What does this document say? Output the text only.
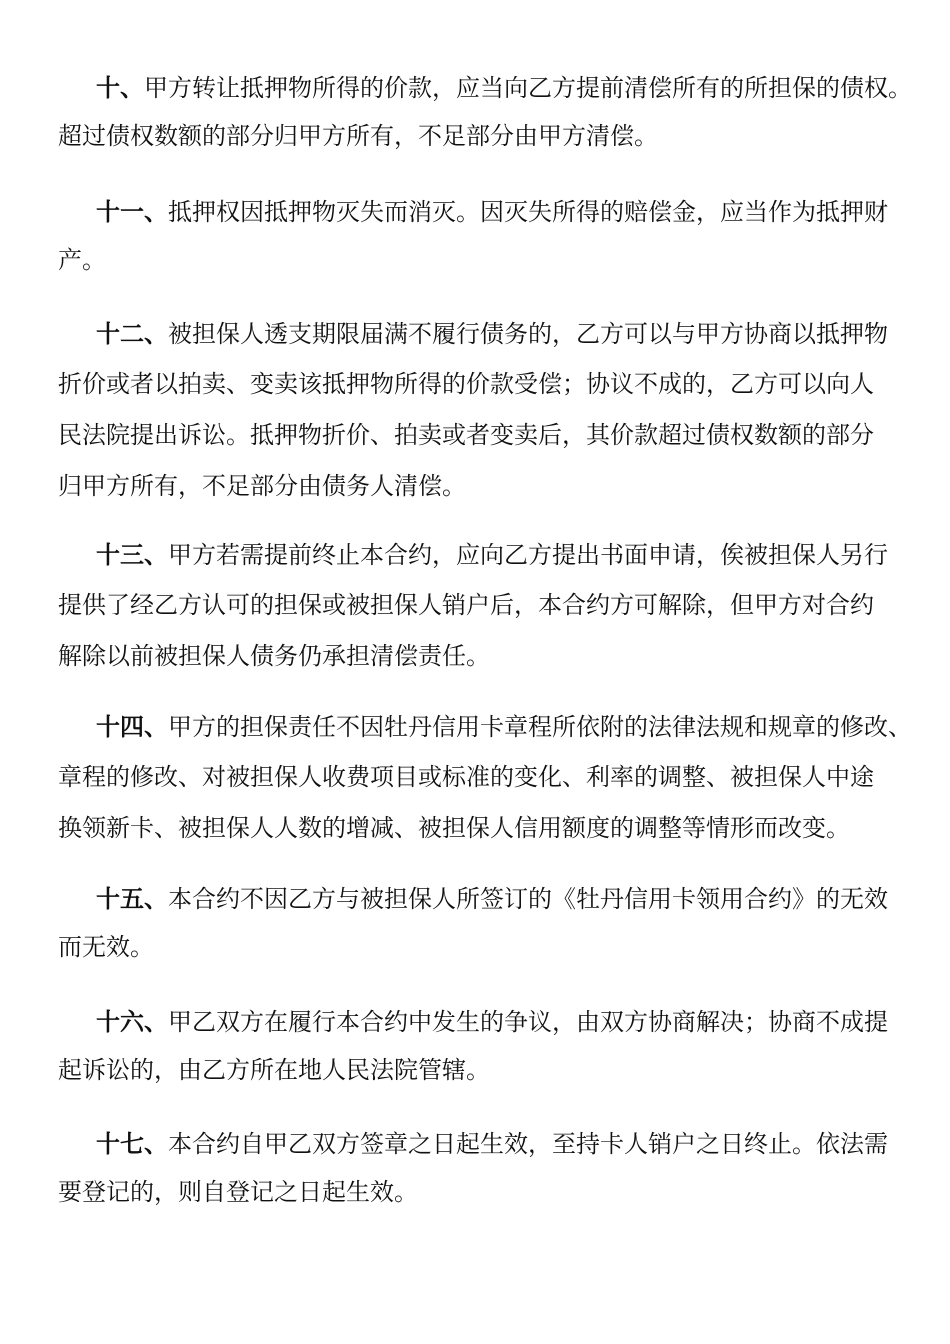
十、甲方转让抵押物所得的价款，应当向乙方提前清偿所有的所担保的债权。
超过债权数额的部分归甲方所有，不足部分由甲方清偿。
十一、抵押权因抵押物灭失而消灭。因灭失所得的赔偿金，应当作为抵押财
产。
十二、被担保人透支期限届满不履行债务的，乙方可以与甲方协商以抵押物
折价或者以拍卖、变卖该抵押物所得的价款受偿；协议不成的，乙方可以向人
民法院提出诉讼。抵押物折价、拍卖或者变卖后，其价款超过债权数额的部分
归甲方所有，不足部分由债务人清偿。
十三、甲方若需提前终止本合约，应向乙方提出书面申请，俟被担保人另行
提供了经乙方认可的担保或被担保人销户后，本合约方可解除，但甲方对合约
解除以前被担保人债务仍承担清偿责任。
十四、甲方的担保责任不因牡丹信用卡章程所依附的法律法规和规章的修改、
章程的修改、对被担保人收费项目或标准的变化、利率的调整、被担保人中途
换领新卡、被担保人人数的增减、被担保人信用额度的调整等情形而改变。
十五、本合约不因乙方与被担保人所签订的《牡丹信用卡领用合约》的无效
而无效。
十六、甲乙双方在履行本合约中发生的争议，由双方协商解决；协商不成提
起诉讼的，由乙方所在地人民法院管辖。
十七、本合约自甲乙双方签章之日起生效，至持卡人销户之日终止。依法需
要登记的，则自登记之日起生效。
